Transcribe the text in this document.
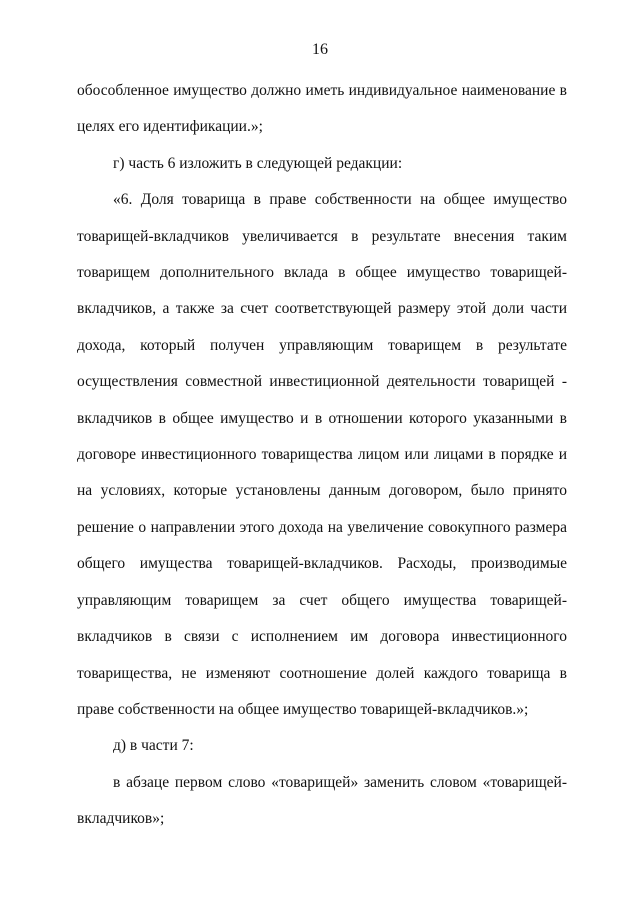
16

обособленное имущество должно иметь индивидуальное наименование в целях его идентификации.»;

г) часть 6 изложить в следующей редакции:

«6. Доля товарища в праве собственности на общее имущество товарищей-вкладчиков увеличивается в результате внесения таким товарищем дополнительного вклада в общее имущество товарищей-вкладчиков, а также за счет соответствующей размеру этой доли части дохода, который получен управляющим товарищем в результате осуществления совместной инвестиционной деятельности товарищей - вкладчиков в общее имущество и в отношении которого указанными в договоре инвестиционного товарищества лицом или лицами в порядке и на условиях, которые установлены данным договором, было принято решение о направлении этого дохода на увеличение совокупного размера общего имущества товарищей-вкладчиков. Расходы, производимые управляющим товарищем за счет общего имущества товарищей-вкладчиков в связи с исполнением им договора инвестиционного товарищества, не изменяют соотношение долей каждого товарища в праве собственности на общее имущество товарищей-вкладчиков.»;

д) в части 7:

в абзаце первом слово «товарищей» заменить словом «товарищей-вкладчиков»;
